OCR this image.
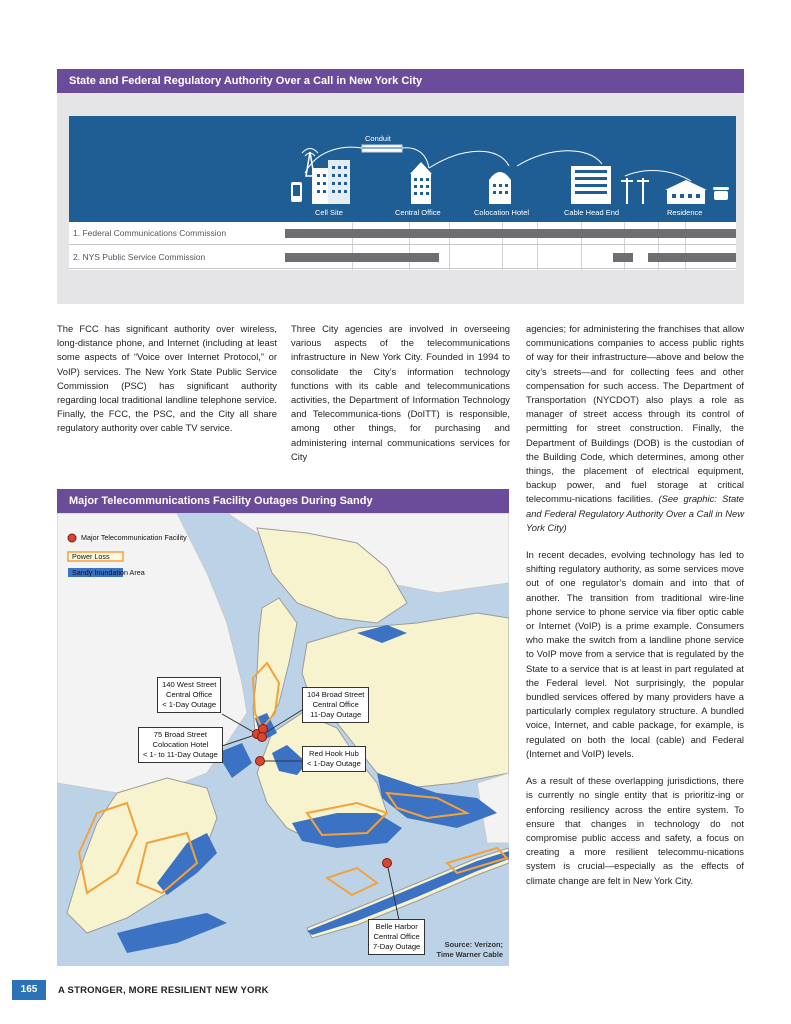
State and Federal Regulatory Authority Over a Call in New York City
Conduit
Cell Site	Central Office	Colocation Hotel	Cable Head End	Residence
1. Federal Communications Commission
2. NYS Public Service Commission

The FCC has significant authority over wireless, long-distance phone, and Internet (including at least some aspects of “Voice over Internet Protocol,” or VoIP) services. The New York State Public Service Commission (PSC) has significant authority regarding local traditional landline telephone service. Finally, the FCC, the PSC, and the City all share regulatory authority over cable TV service.

Three City agencies are involved in overseeing various aspects of the telecommunications infrastructure in New York City. Founded in 1994 to consolidate the City’s information technology functions with its cable and telecommunications activities, the Department of Information Technology and Telecommunica-tions (DoITT) is responsible, among other things, for purchasing and administering internal communications services for City

agencies; for administering the franchises that allow communications companies to access public rights of way for their infrastructure—above and below the city’s streets—and for collecting fees and other compensation for such access. The Department of Transportation (NYCDOT) also plays a role as manager of street access through its control of permitting for street construction. Finally, the Department of Buildings (DOB) is the custodian of the Building Code, which determines, among other things, the placement of electrical equipment, backup power, and fuel storage at critical telecommu-nications facilities. (See graphic: State and Federal Regulatory Authority Over a Call in New York City)

In recent decades, evolving technology has led to shifting regulatory authority, as some services move out of one regulator’s domain and into that of another. The transition from traditional wire-line phone service to phone service via fiber optic cable or Internet (VoIP) is a prime example. Consumers who make the switch from a landline phone service to VoIP move from a service that is regulated by the State to a service that is at least in part regulated at the Federal level. Not surprisingly, the popular bundled services offered by many providers have a particularly complex regulatory structure. A bundled voice, Internet, and cable package, for example, is regulated on both the local (cable) and Federal (Internet and VoIP) levels.

As a result of these overlapping jurisdictions, there is currently no single entity that is prioritiz-ing or enforcing resiliency across the entire system. To ensure that changes in technology do not compromise public access and safety, a focus on creating a more resilient telecommu-nications system is crucial—especially as the effects of climate change are felt in New York City.

Major Telecommunications Facility Outages During Sandy
Major Telecommunication Facility
Power Loss
Sandy Inundation Area
140 West Street
Central Office
< 1-Day Outage
104 Broad Street
Central Office
11-Day Outage
75 Broad Street
Colocation Hotel
< 1- to 11-Day Outage	Red Hook Hub
< 1-Day Outage
Belle Harbor
Central Office
7-Day Outage	Source: Verizon;
Time Warner Cable
165	A STRONGER, MORE RESILIENT NEW YORK
